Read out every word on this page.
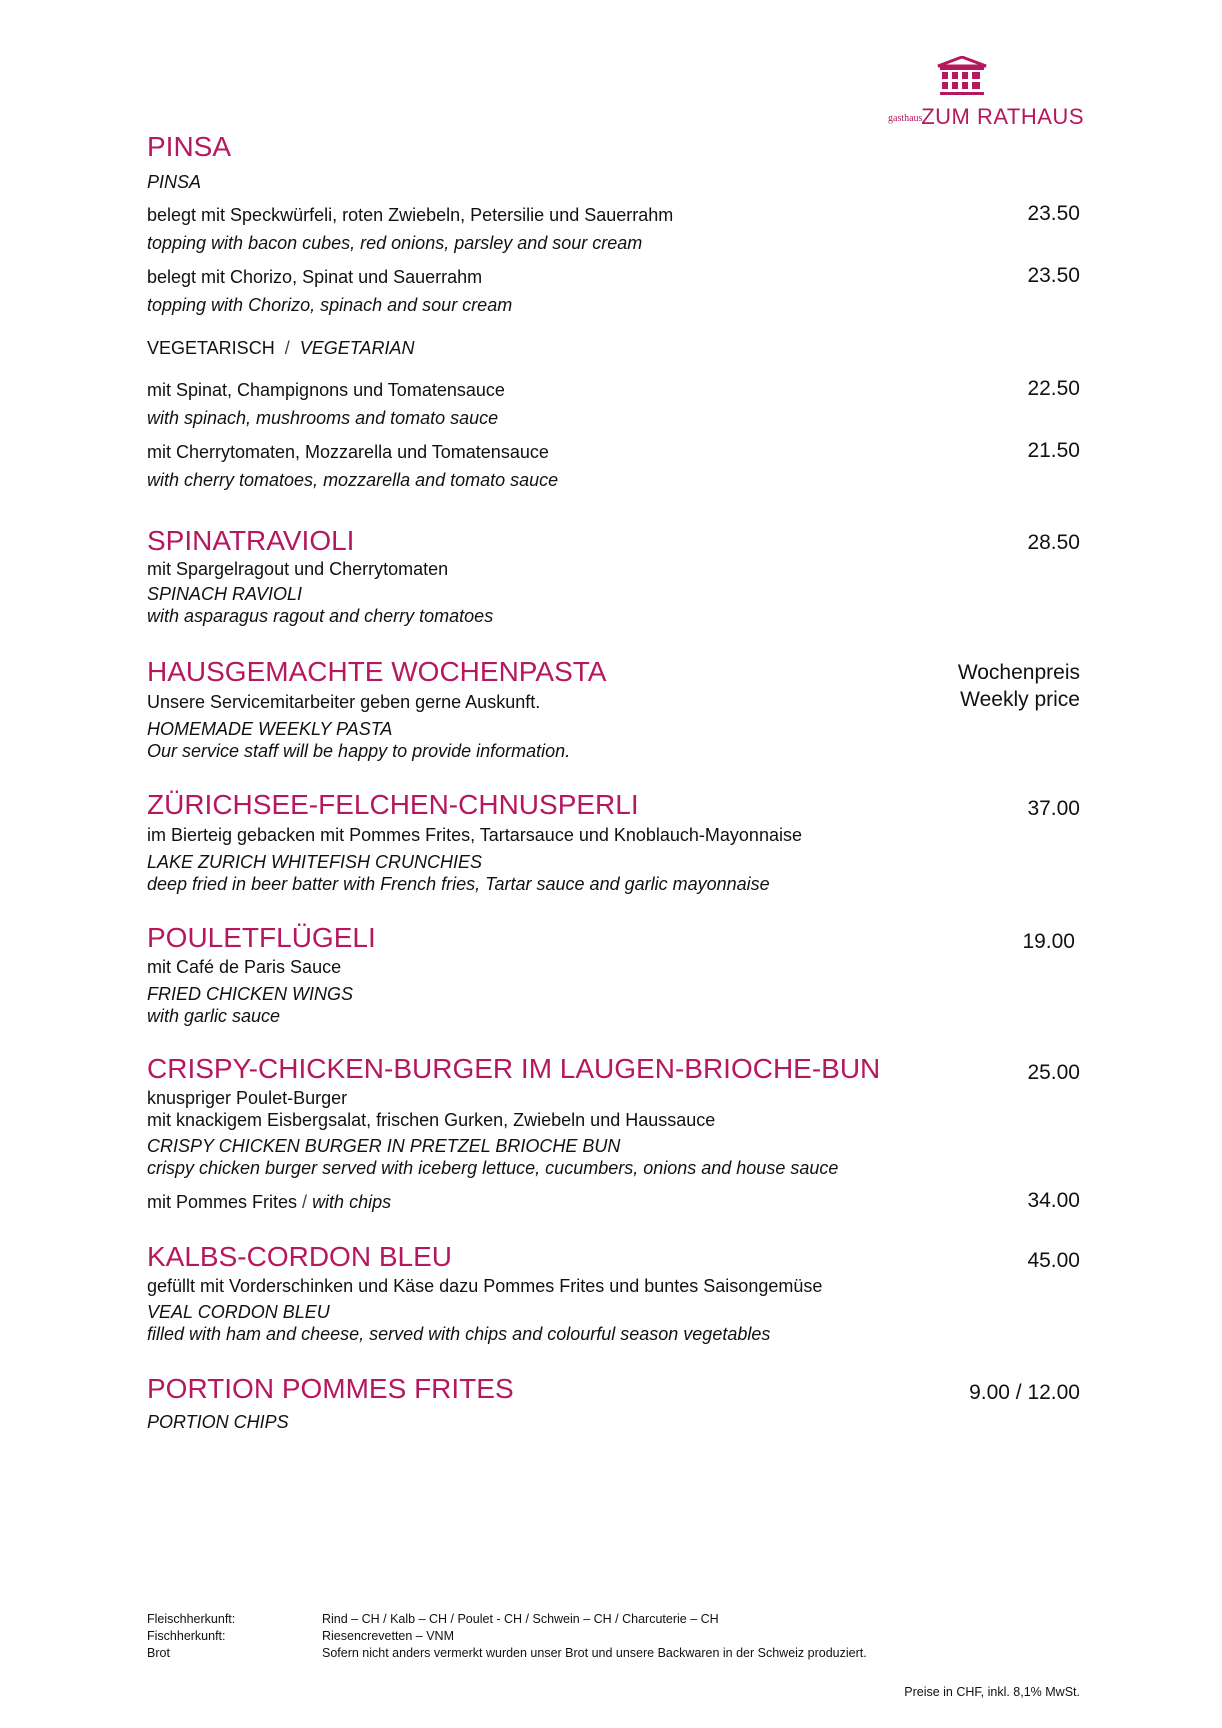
gasthaus
ZUM RATHAUS
PINSA
PINSA
belegt mit Speckwürfeli, roten Zwiebeln, Petersilie und Sauerrahm	23.50
topping with bacon cubes, red onions, parsley and sour cream
belegt mit Chorizo, Spinat und Sauerrahm	23.50
topping with Chorizo, spinach and sour cream
VEGETARISCH / VEGETARIAN
mit Spinat, Champignons und Tomatensauce	22.50
with spinach, mushrooms and tomato sauce
mit Cherrytomaten, Mozzarella und Tomatensauce	21.50
with cherry tomatoes, mozzarella and tomato sauce
SPINATRAVIOLI	28.50
mit Spargelragout und Cherrytomaten
SPINACH RAVIOLI
with asparagus ragout and cherry tomatoes
HAUSGEMACHTE WOCHENPASTA	Wochenpreis
Weekly price
Unsere Servicemitarbeiter geben gerne Auskunft.
HOMEMADE WEEKLY PASTA
Our service staff will be happy to provide information.
ZÜRICHSEE-FELCHEN-CHNUSPERLI	37.00
im Bierteig gebacken mit Pommes Frites, Tartarsauce und Knoblauch-Mayonnaise
LAKE ZURICH WHITEFISH CRUNCHIES
deep fried in beer batter with French fries, Tartar sauce and garlic mayonnaise
POULETFLÜGELI	19.00
mit Café de Paris Sauce
FRIED CHICKEN WINGS
with garlic sauce
CRISPY-CHICKEN-BURGER IM LAUGEN-BRIOCHE-BUN	25.00
knuspriger Poulet-Burger
mit knackigem Eisbergsalat, frischen Gurken, Zwiebeln und Haussauce
CRISPY CHICKEN BURGER IN PRETZEL BRIOCHE BUN
crispy chicken burger served with iceberg lettuce, cucumbers, onions and house sauce
mit Pommes Frites / with chips	34.00
KALBS-CORDON BLEU	45.00
gefüllt mit Vorderschinken und Käse dazu Pommes Frites und buntes Saisongemüse
VEAL CORDON BLEU
filled with ham and cheese, served with chips and colourful season vegetables
PORTION POMMES FRITES	9.00 / 12.00
PORTION CHIPS
Fleischherkunft:	Rind – CH / Kalb – CH / Poulet - CH / Schwein – CH / Charcuterie – CH
Fischherkunft:	Riesencrevetten – VNM
Brot	Sofern nicht anders vermerkt wurden unser Brot und unsere Backwaren in der Schweiz produziert.
Preise in CHF, inkl. 8,1% MwSt.
